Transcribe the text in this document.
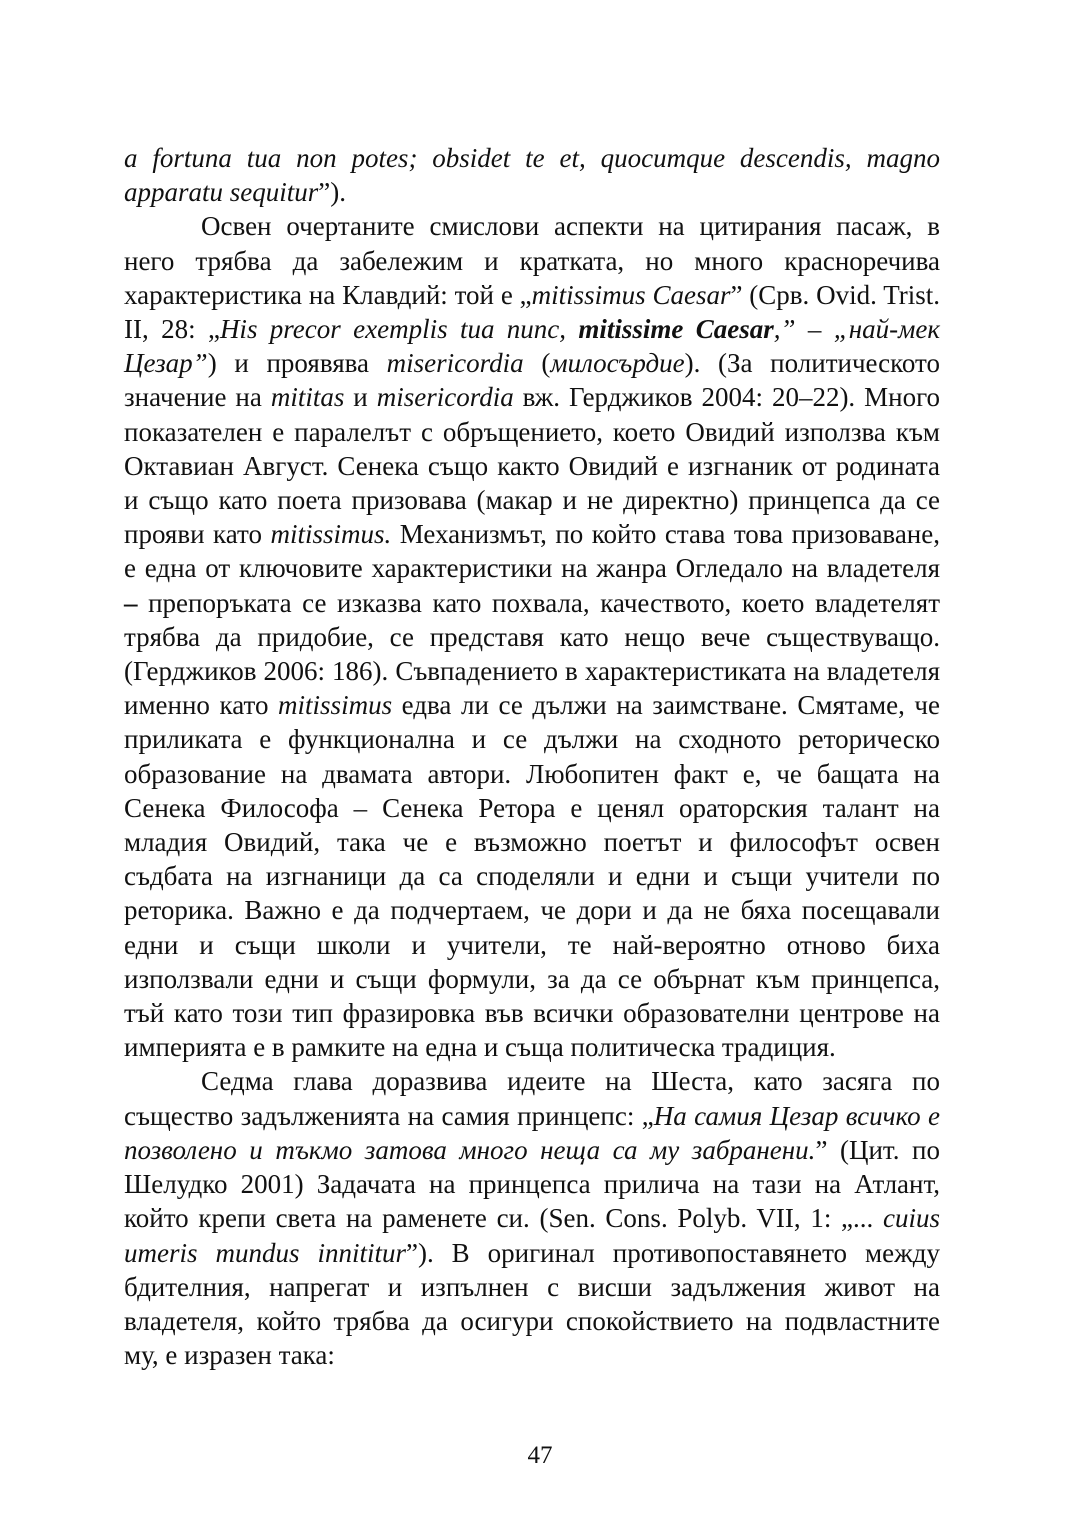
a fortuna tua non potes; obsidet te et, quocumque descendis, magno apparatu sequitur”).

Освен очертаните смислови аспекти на цитирания пасаж, в него трябва да забележим и кратката, но много красноречива характеристика на Клавдий: той е „mitissimus Caesar” (Срв. Ovid. Trist. II, 28: „His precor exemplis tua nunc, mitissime Caesar,” – „най-мек Цезар”) и проявява misericordia (милосърдие). (За политическото значение на mititas и misericordia вж. Герджиков 2004: 20–22). Много показателен е паралелът с обръщението, което Овидий използва към Октавиан Август. Сенека също както Овидий е изгнаник от родината и също като поета призовава (макар и не директно) принцепса да се прояви като mitissimus. Механизмът, по който става това призоваване, е една от ключовите характеристики на жанра Огледало на владетеля – препоръката се изказва като похвала, качеството, което владетелят трябва да придобие, се представя като нещо вече съществуващо. (Герджиков 2006: 186). Съвпадението в характеристиката на владетеля именно като mitissimus едва ли се дължи на заимстване. Смятаме, че приликата е функционална и се дължи на сходното реторическо образование на двамата автори. Любопитен факт е, че бащата на Сенека Философа – Сенека Ретора е ценял ораторския талант на младия Овидий, така че е възможно поетът и философът освен съдбата на изгнаници да са споделяли и едни и същи учители по реторика. Важно е да подчертаем, че дори и да не бяха посещавали едни и същи школи и учители, те най-вероятно отново биха използвали едни и същи формули, за да се обърнат към принцепса, тъй като този тип фразировка във всички образователни центрове на империята е в рамките на една и съща политическа традиция.

Седма глава доразвива идеите на Шеста, като засяга по същество задълженията на самия принцепс: „На самия Цезар всичко е позволено и тъкмо затова много неща са му забранени.” (Цит. по Шелудко 2001) Задачата на принцепса прилича на тази на Атлант, който крепи света на раменете си. (Sen. Cons. Polyb. VII, 1: „... cuius umeris mundus innititur”). В оригинал противопоставянето между бдителния, напрегат и изпълнен с висши задължения живот на владетеля, който трябва да осигури спокойствието на подвластните му, е изразен така:

47
